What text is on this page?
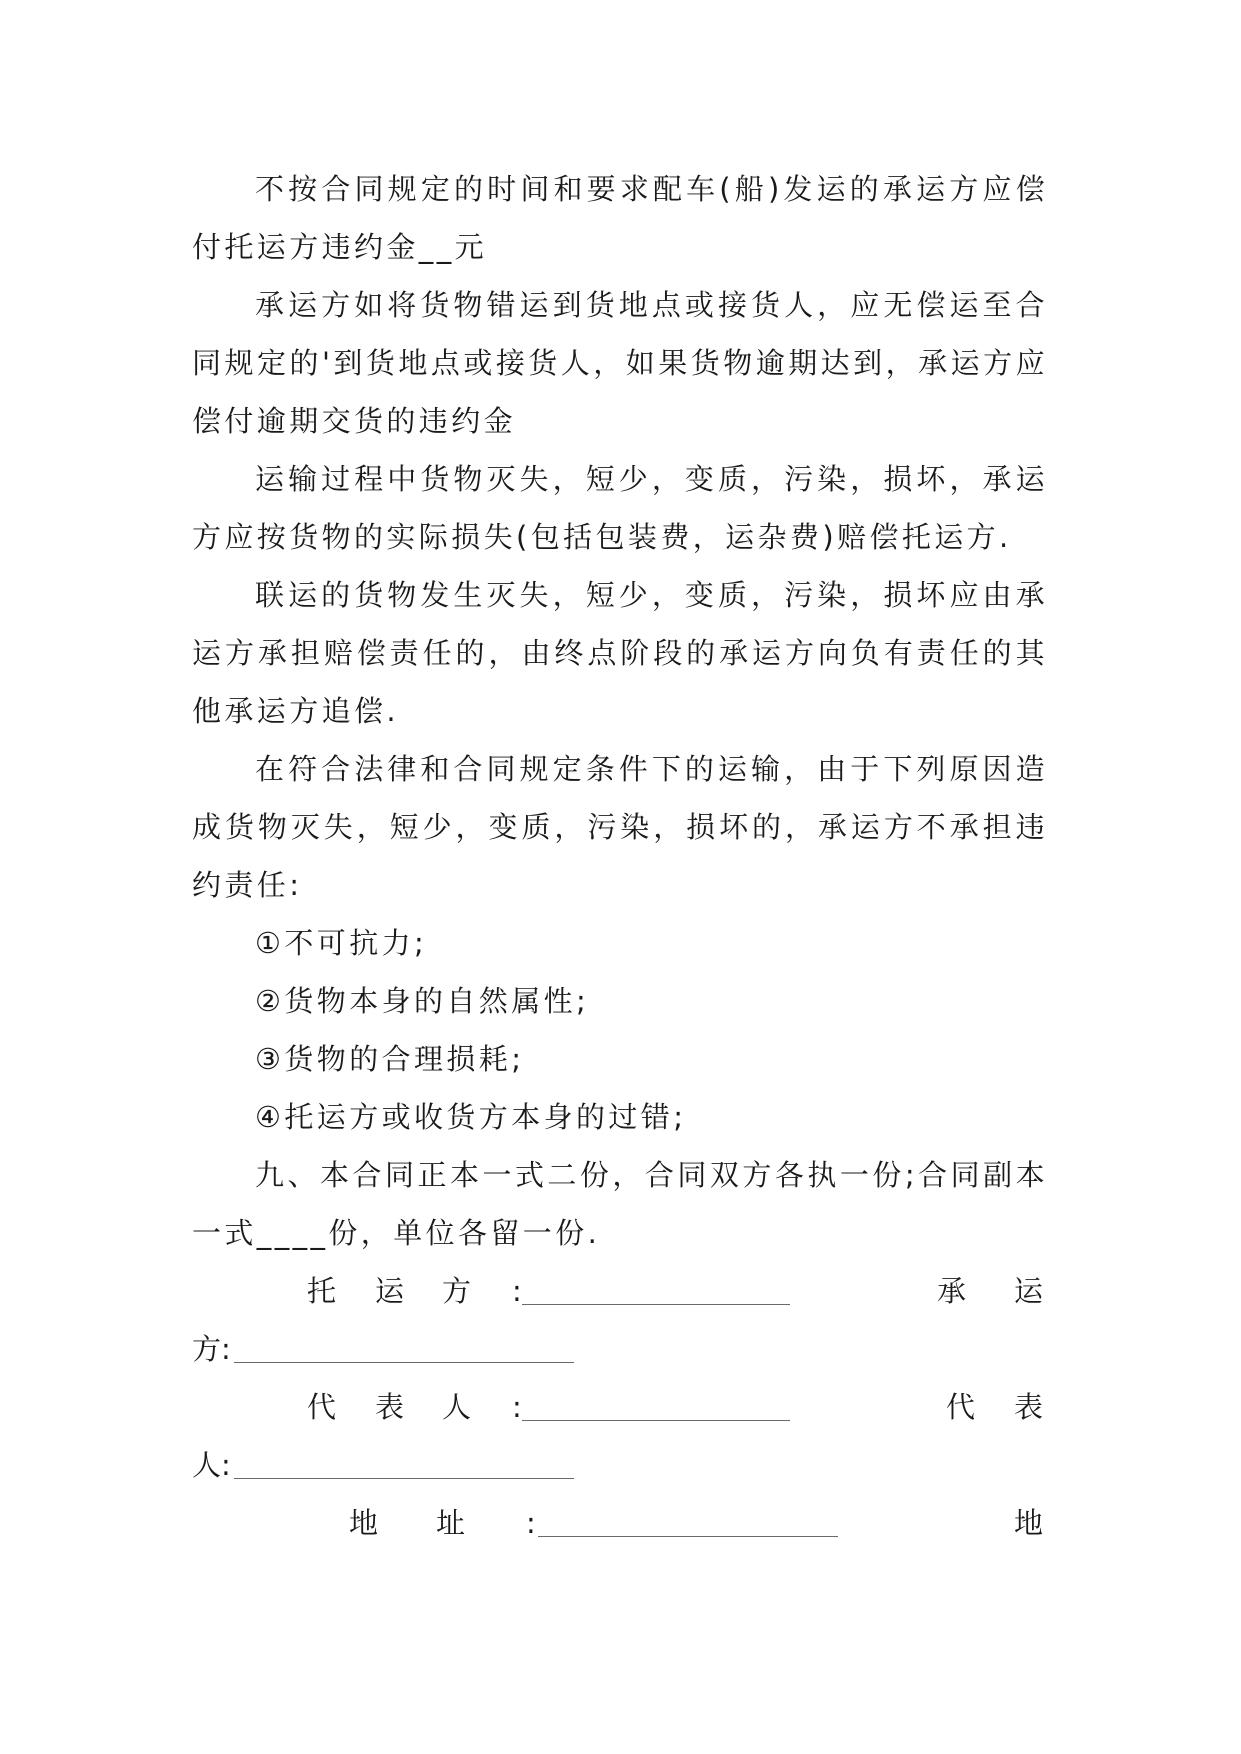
不按合同规定的时间和要求配车(船)发运的承运方应偿付托运方违约金__元

承运方如将货物错运到货地点或接货人，应无偿运至合同规定的'到货地点或接货人，如果货物逾期达到，承运方应偿付逾期交货的违约金

运输过程中货物灭失，短少，变质，污染，损坏，承运方应按货物的实际损失(包括包装费，运杂费)赔偿托运方.

联运的货物发生灭失，短少，变质，污染，损坏应由承运方承担赔偿责任的，由终点阶段的承运方向负有责任的其他承运方追偿.

在符合法律和合同规定条件下的运输，由于下列原因造成货物灭失，短少，变质，污染，损坏的，承运方不承担违约责任:

①不可抗力;

②货物本身的自然属性;

③货物的合理损耗;

④托运方或收货方本身的过错;

九、本合同正本一式二份，合同双方各执一份;合同副本一式____份，单位各留一份.

托 运 方 :	承 运
方:
代 表 人 :	代 表
人:
地 址 :	地
